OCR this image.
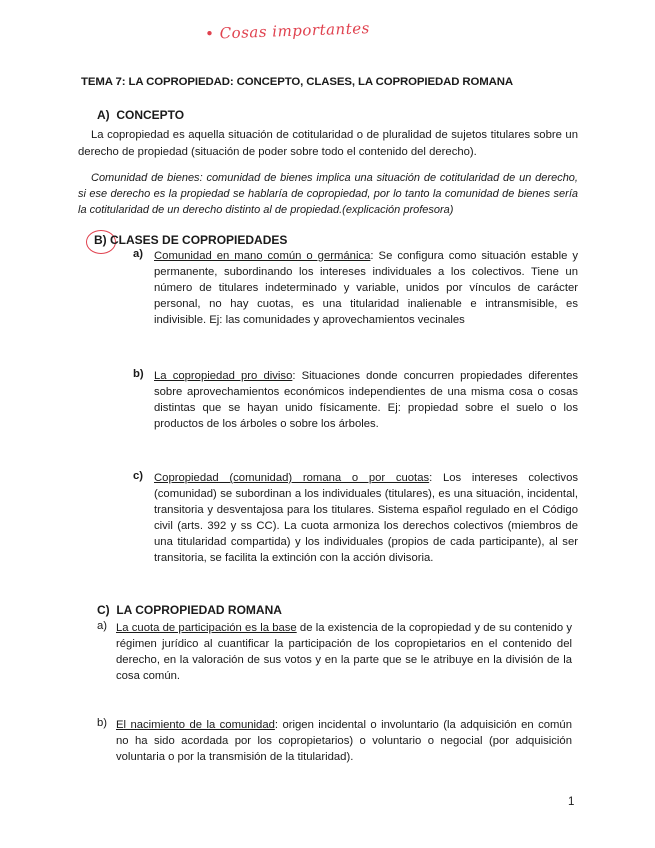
• Cosas importantes
TEMA 7: LA COPROPIEDAD: CONCEPTO, CLASES, LA COPROPIEDAD ROMANA
A) CONCEPTO
La copropiedad es aquella situación de cotitularidad o de pluralidad de sujetos titulares sobre un derecho de propiedad (situación de poder sobre todo el contenido del derecho).
Comunidad de bienes: comunidad de bienes implica una situación de cotitularidad de un derecho, si ese derecho es la propiedad se hablaría de copropiedad, por lo tanto la comunidad de bienes sería la cotitularidad de un derecho distinto al de propiedad.(explicación profesora)
B) CLASES DE COPROPIEDADES
a) Comunidad en mano común o germánica: Se configura como situación estable y permanente, subordinando los intereses individuales a los colectivos. Tiene un número de titulares indeterminado y variable, unidos por vínculos de carácter personal, no hay cuotas, es una titularidad inalienable e intransmisible, es indivisible. Ej: las comunidades y aprovechamientos vecinales
b) La copropiedad pro diviso: Situaciones donde concurren propiedades diferentes sobre aprovechamientos económicos independientes de una misma cosa o cosas distintas que se hayan unido físicamente. Ej: propiedad sobre el suelo o los productos de los árboles o sobre los árboles.
c) Copropiedad (comunidad) romana o por cuotas: Los intereses colectivos (comunidad) se subordinan a los individuales (titulares), es una situación, incidental, transitoria y desventajosa para los titulares. Sistema español regulado en el Código civil (arts. 392 y ss CC). La cuota armoniza los derechos colectivos (miembros de una titularidad compartida) y los individuales (propios de cada participante), al ser transitoria, se facilita la extinción con la acción divisoria.
C) LA COPROPIEDAD ROMANA
a) La cuota de participación es la base de la existencia de la copropiedad y de su contenido y régimen jurídico al cuantificar la participación de los copropietarios en el contenido del derecho, en la valoración de sus votos y en la parte que se le atribuye en la división de la cosa común.
b) El nacimiento de la comunidad: origen incidental o involuntario (la adquisición en común no ha sido acordada por los copropietarios) o voluntario o negocial (por adquisición voluntaria o por la transmisión de la titularidad).
1
